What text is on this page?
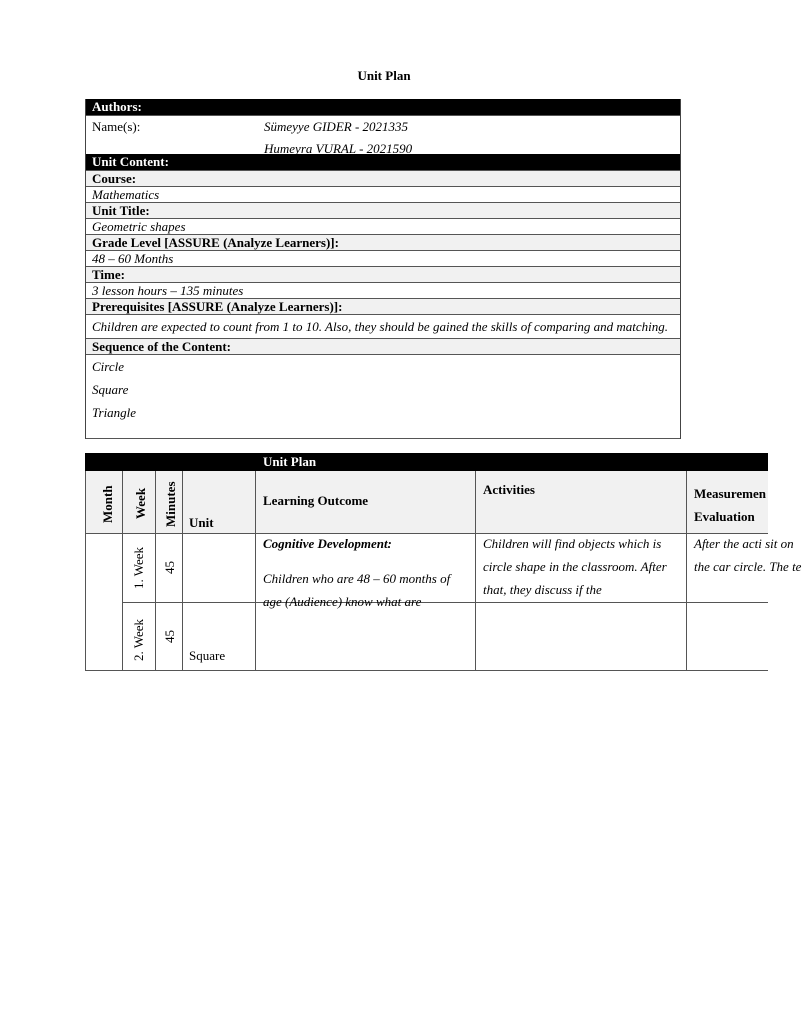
Unit Plan
Authors:
Name(s):	Sümeyye GIDER - 2021335
Humeyra VURAL - 2021590
Unit Content:
Course:
Mathematics
Unit Title:
Geometric shapes
Grade Level [ASSURE (Analyze Learners)]:
48 – 60 Months
Time:
3 lesson hours – 135 minutes
Prerequisites [ASSURE (Analyze Learners)]:
Children are expected to count from 1 to 10. Also, they should be gained the skills of comparing and matching.
Sequence of the Content:
Circle
Square
Triangle
Unit Plan
Month Week Minutes Unit
Learning Outcome
Activities	Measuremen
Evaluation
1. Week 45
Cognitive Development:
Children who are 48 – 60 months of age (Audience) know what are
Children will find objects which is circle shape in the classroom. After that, they discuss if the
After the acti sit on the car circle. The te
2. Week 45
Square
